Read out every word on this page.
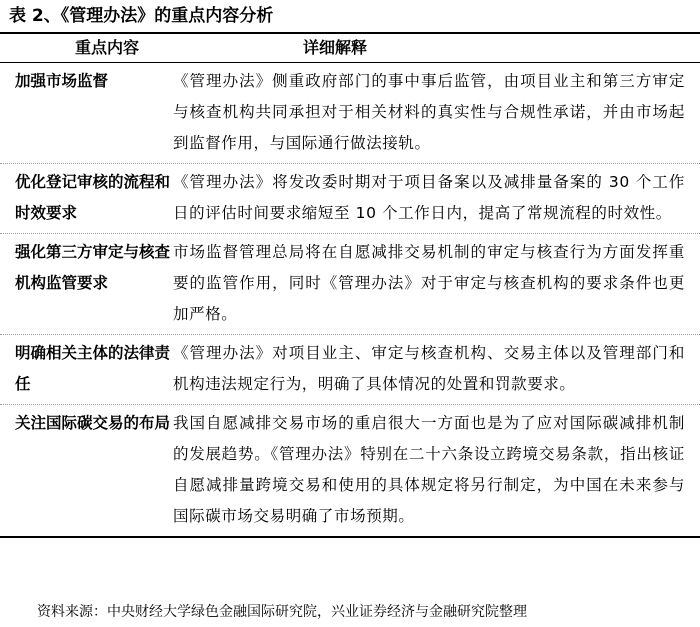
表 2、《管理办法》的重点内容分析
重点内容	详细解释
加强市场监督	《管理办法》侧重政府部门的事中事后监管，由项目业主和第三方审定与核查机构共同承担对于相关材料的真实性与合规性承诺，并由市场起到监督作用，与国际通行做法接轨。
优化登记审核的流程和时效要求
《管理办法》将发改委时期对于项目备案以及减排量备案的 30 个工作日的评估时间要求缩短至 10 个工作日内，提高了常规流程的时效性。
强化第三方审定与核查机构监管要求
市场监督管理总局将在自愿减排交易机制的审定与核查行为方面发挥重要的监管作用，同时《管理办法》对于审定与核查机构的要求条件也更加严格。
明确相关主体的法律责任
《管理办法》对项目业主、审定与核查机构、交易主体以及管理部门和机构违法规定行为，明确了具体情况的处置和罚款要求。
关注国际碳交易的布局 我国自愿减排交易市场的重启很大一方面也是为了应对国际碳减排机制的发展趋势。《管理办法》特别在二十六条设立跨境交易条款，指出核证自愿减排量跨境交易和使用的具体规定将另行制定，为中国在未来参与国际碳市场交易明确了市场预期。
资料来源：中央财经大学绿色金融国际研究院，兴业证券经济与金融研究院整理
